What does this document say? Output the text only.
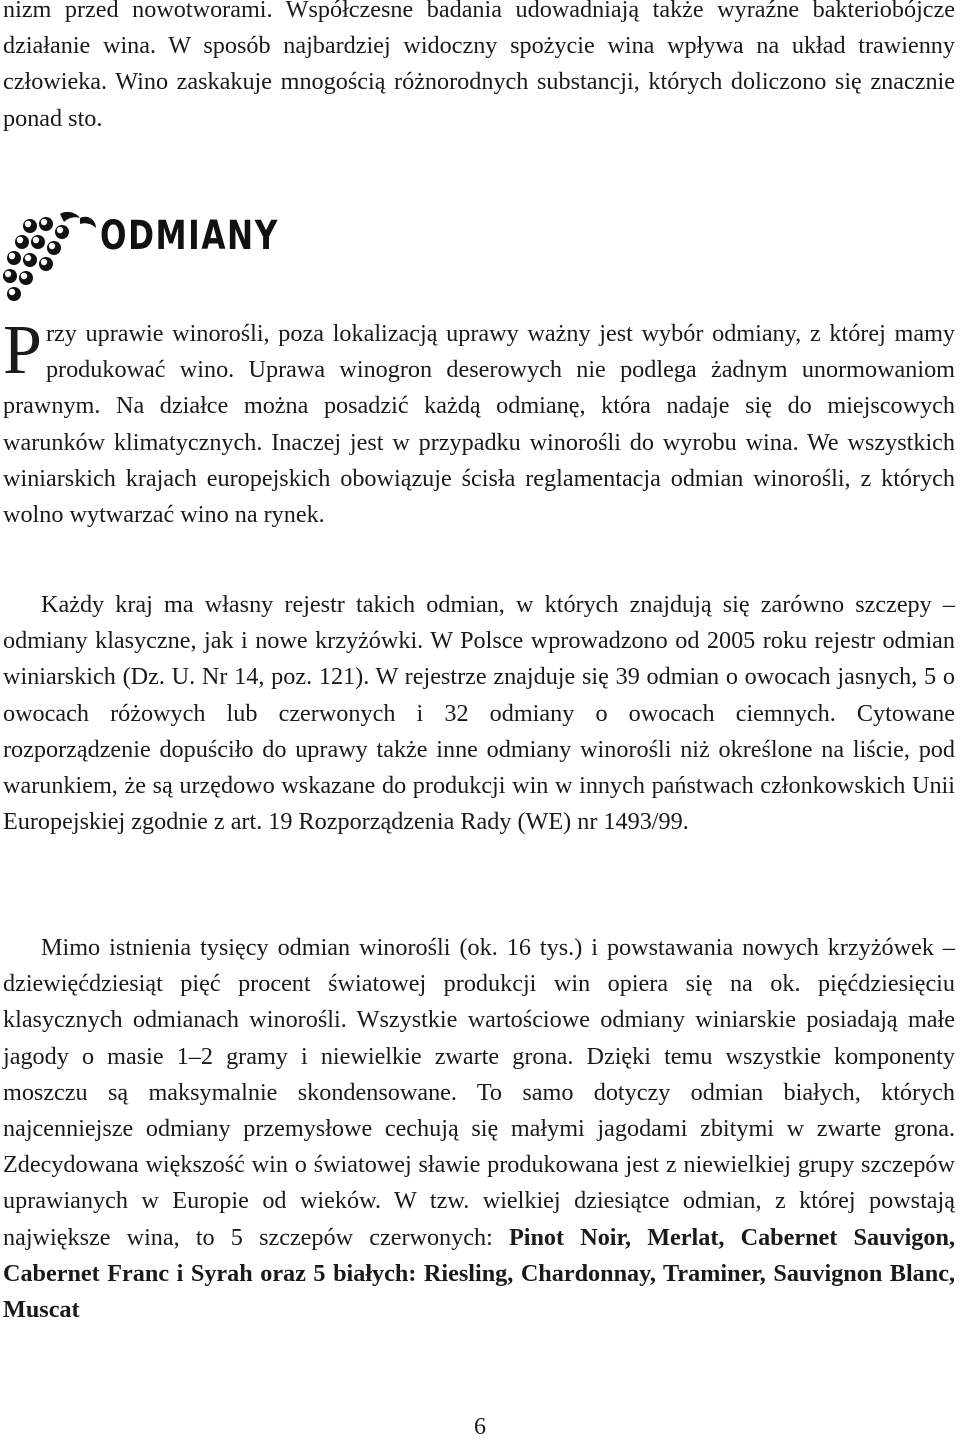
nizm przed nowotworami. Współczesne badania udowadniają także wyraźne bakteriobójcze działanie wina. W sposób najbardziej widoczny spożycie wina wpływa na układ trawienny człowieka. Wino zaskakuje mnogością różnorodnych substancji, których doliczono się znacznie ponad sto.

ODMIANY

Przy uprawie winorośli, poza lokalizacją uprawy ważny jest wybór odmiany, z której mamy produkować wino. Uprawa winogron deserowych nie podlega żadnym unormowaniom prawnym. Na działce można posadzić każdą odmianę, która nadaje się do miejscowych warunków klimatycznych. Inaczej jest w przypadku winorośli do wyrobu wina. We wszystkich winiarskich krajach europejskich obowiązuje ścisła reglamentacja odmian winorośli, z których wolno wytwarzać wino na rynek.

Każdy kraj ma własny rejestr takich odmian, w których znajdują się zarówno szczepy – odmiany klasyczne, jak i nowe krzyżówki. W Polsce wprowadzono od 2005 roku rejestr odmian winiarskich (Dz. U. Nr 14, poz. 121). W rejestrze znajduje się 39 odmian o owocach jasnych, 5 o owocach różowych lub czerwonych i 32 odmiany o owocach ciemnych. Cytowane rozporządzenie dopuściło do uprawy także inne odmiany winorośli niż określone na liście, pod warunkiem, że są urzędowo wskazane do produkcji win w innych państwach członkowskich Unii Europejskiej zgodnie z art. 19 Rozporządzenia Rady (WE) nr 1493/99.

Mimo istnienia tysięcy odmian winorośli (ok. 16 tys.) i powstawania nowych krzyżówek – dziewięćdziesiąt pięć procent światowej produkcji win opiera się na ok. pięćdziesięciu klasycznych odmianach winorośli. Wszystkie wartościowe odmiany winiarskie posiadają małe jagody o masie 1–2 gramy i niewielkie zwarte grona. Dzięki temu wszystkie komponenty moszczu są maksymalnie skondensowane. To samo dotyczy odmian białych, których najcenniejsze odmiany przemysłowe cechują się małymi jagodami zbitymi w zwarte grona. Zdecydowana większość win o światowej sławie produkowana jest z niewielkiej grupy szczepów uprawianych w Europie od wieków. W tzw. wielkiej dziesiątce odmian, z której powstają największe wina, to 5 szczepów czerwonych: Pinot Noir, Merlat, Cabernet Sauvigon, Cabernet Franc i Syrah oraz 5 białych: Riesling, Chardonnay, Traminer, Sauvignon Blanc, Muscat

6
